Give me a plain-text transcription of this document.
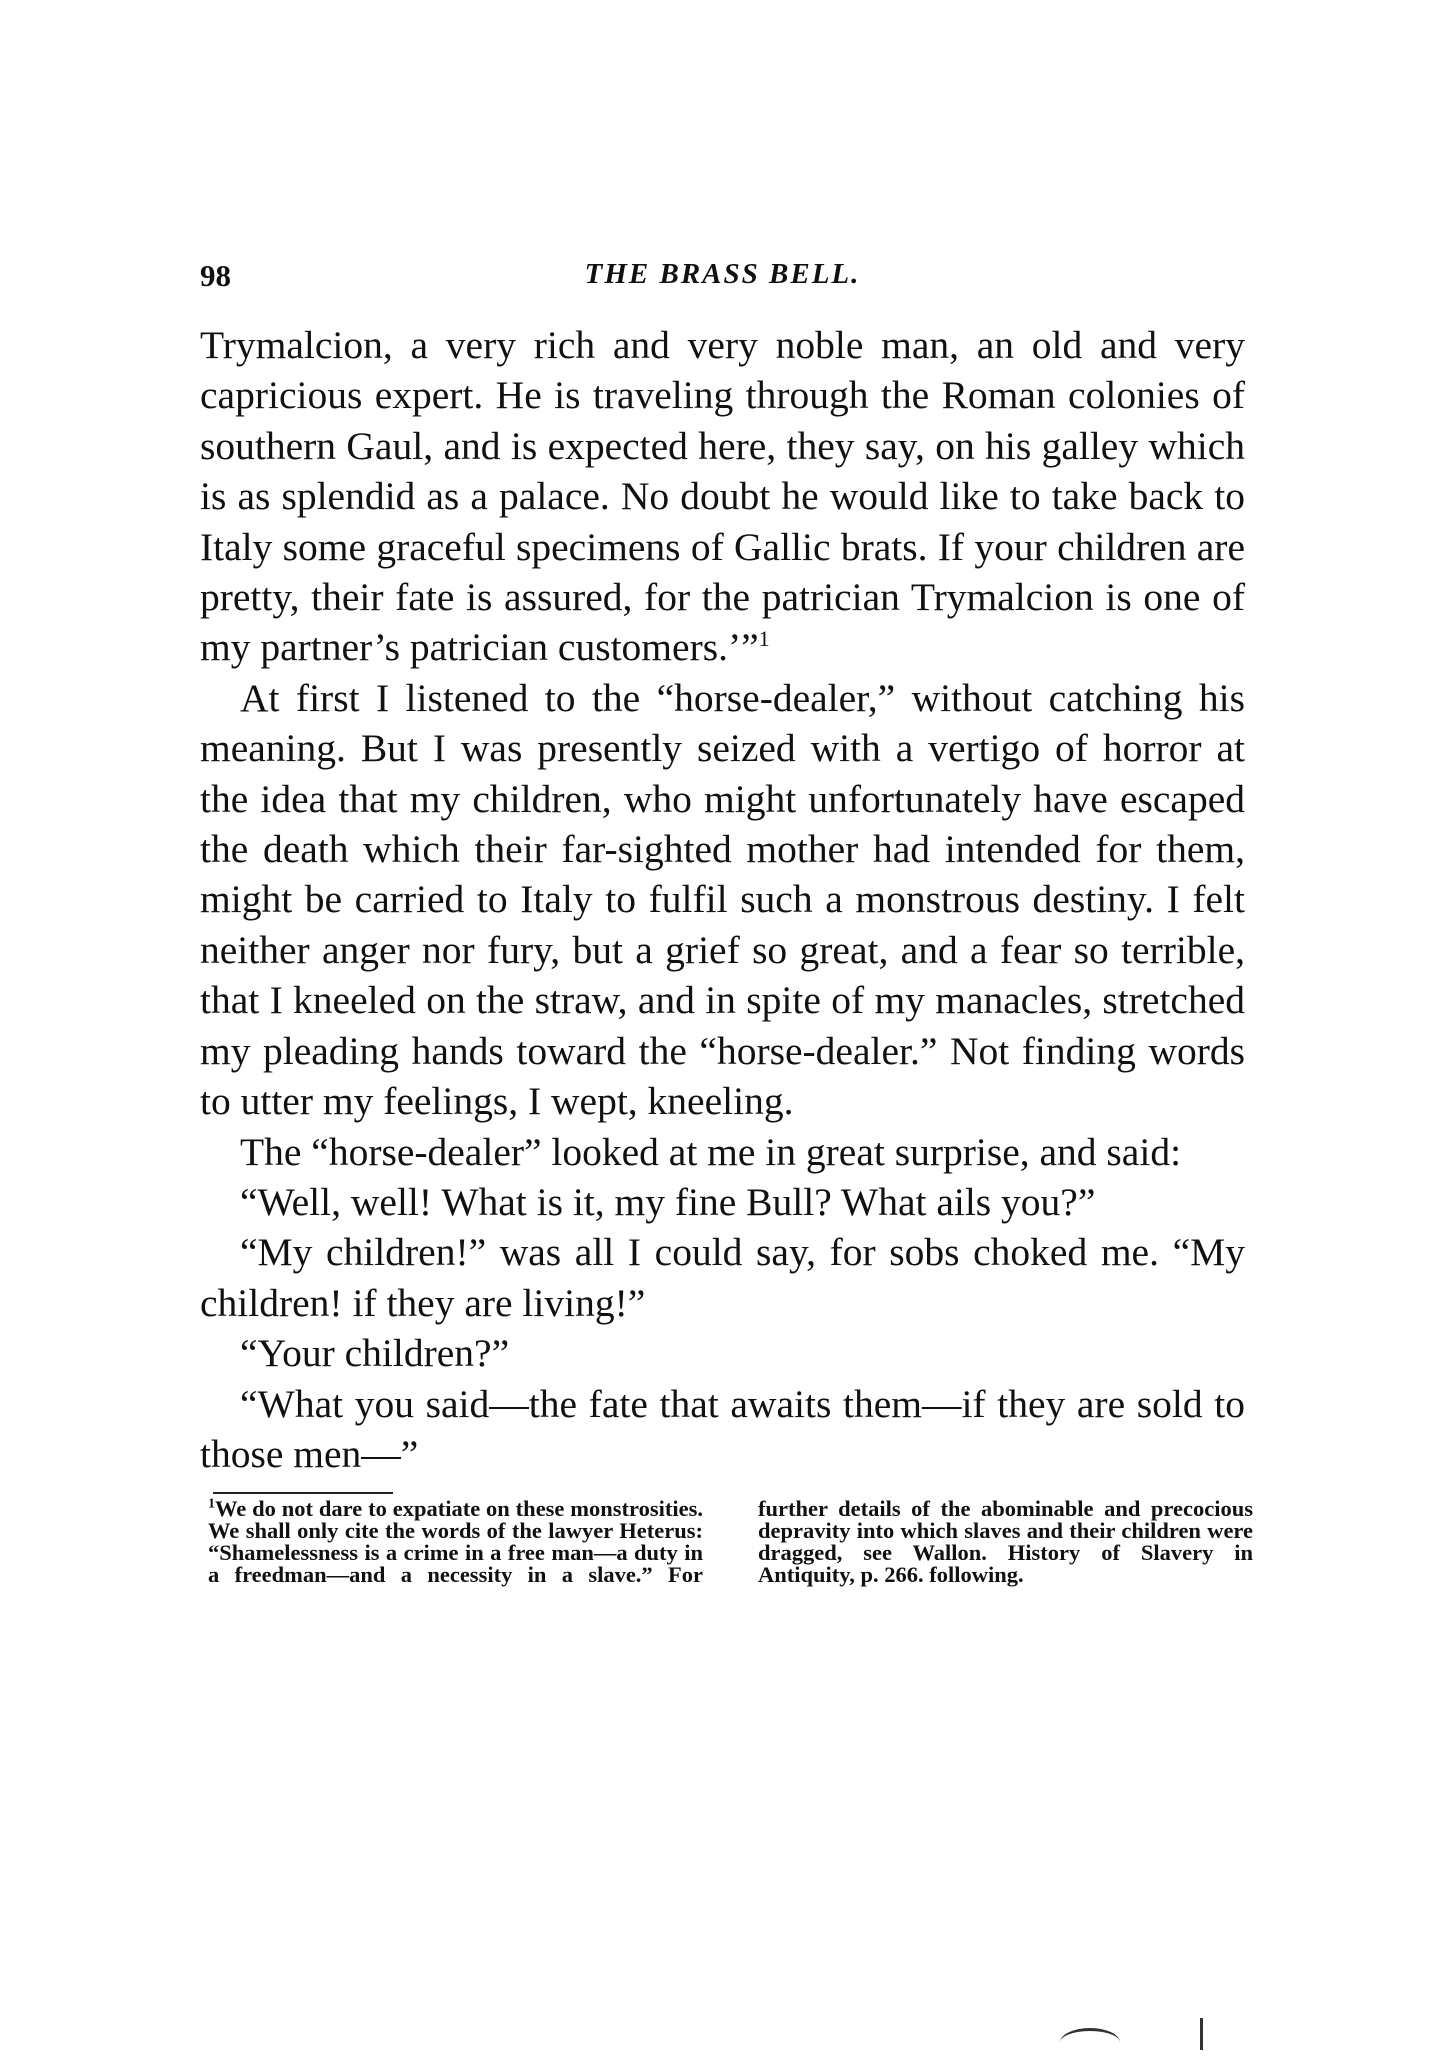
98	THE BRASS BELL.

Trymalcion, a very rich and very noble man, an old and very capricious expert. He is traveling through the Roman colonies of southern Gaul, and is expected here, they say, on his galley which is as splendid as a palace. No doubt he would like to take back to Italy some graceful specimens of Gallic brats. If your children are pretty, their fate is assured, for the patrician Trymalcion is one of my partner’s patrician customers.’”$^1$

At first I listened to the “horse-dealer,” without catching his meaning. But I was presently seized with a vertigo of horror at the idea that my children, who might unfortunately have escaped the death which their far-sighted mother had intended for them, might be carried to Italy to fulfil such a monstrous destiny. I felt neither anger nor fury, but a grief so great, and a fear so terrible, that I kneeled on the straw, and in spite of my manacles, stretched my pleading hands toward the “horse-dealer.” Not finding words to utter my feelings, I wept, kneeling.

The “horse-dealer” looked at me in great surprise, and said:

“Well, well! What is it, my fine Bull? What ails you?”

“My children!” was all I could say, for sobs choked me. “My children! if they are living!”

“Your children?”

“What you said—the fate that awaits them—if they are sold to those men—”

$^1$We do not dare to expatiate on these monstrosities. We shall only cite the words of the lawyer Heterus: “Shamelessness is a crime in a free man—a duty in a freedman—and a necessity in a slave.” For further details of the abominable and precocious depravity into which slaves and their children were dragged, see Wallon. History of Slavery in Antiquity, p. 266. following.
